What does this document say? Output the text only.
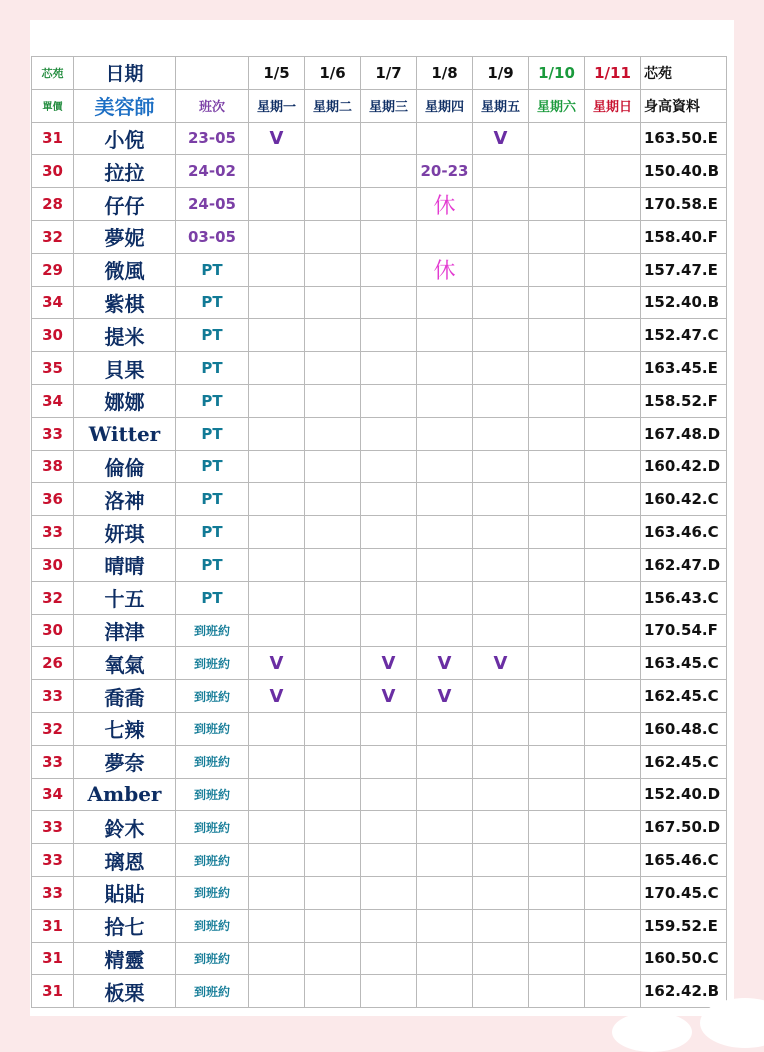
芯苑	日期		1/5	1/6	1/7	1/8	1/9	1/10	1/11	芯苑
單價	美容師	班次	星期一	星期二	星期三	星期四	星期五	星期六	星期日	身高資料
31	小倪	23-05	V				V			163.50.E
30	拉拉	24-02				20-23				150.40.B
28	仔仔	24-05				休				170.58.E
32	夢妮	03-05								158.40.F
29	微風	PT				休				157.47.E
34	紫棋	PT								152.40.B
30	提米	PT								152.47.C
35	貝果	PT								163.45.E
34	娜娜	PT								158.52.F
33	Witter	PT								167.48.D
38	倫倫	PT								160.42.D
36	洛神	PT								160.42.C
33	妍琪	PT								163.46.C
30	晴晴	PT								162.47.D
32	十五	PT								156.43.C
30	津津	到班約								170.54.F
26	氧氣	到班約	V		V	V	V			163.45.C
33	喬喬	到班約	V		V	V				162.45.C
32	七辣	到班約								160.48.C
33	夢奈	到班約								162.45.C
34	Amber	到班約								152.40.D
33	鈴木	到班約								167.50.D
33	璃恩	到班約								165.46.C
33	貼貼	到班約								170.45.C
31	拾七	到班約								159.52.E
31	精靈	到班約								160.50.C
31	板栗	到班約								162.42.B
